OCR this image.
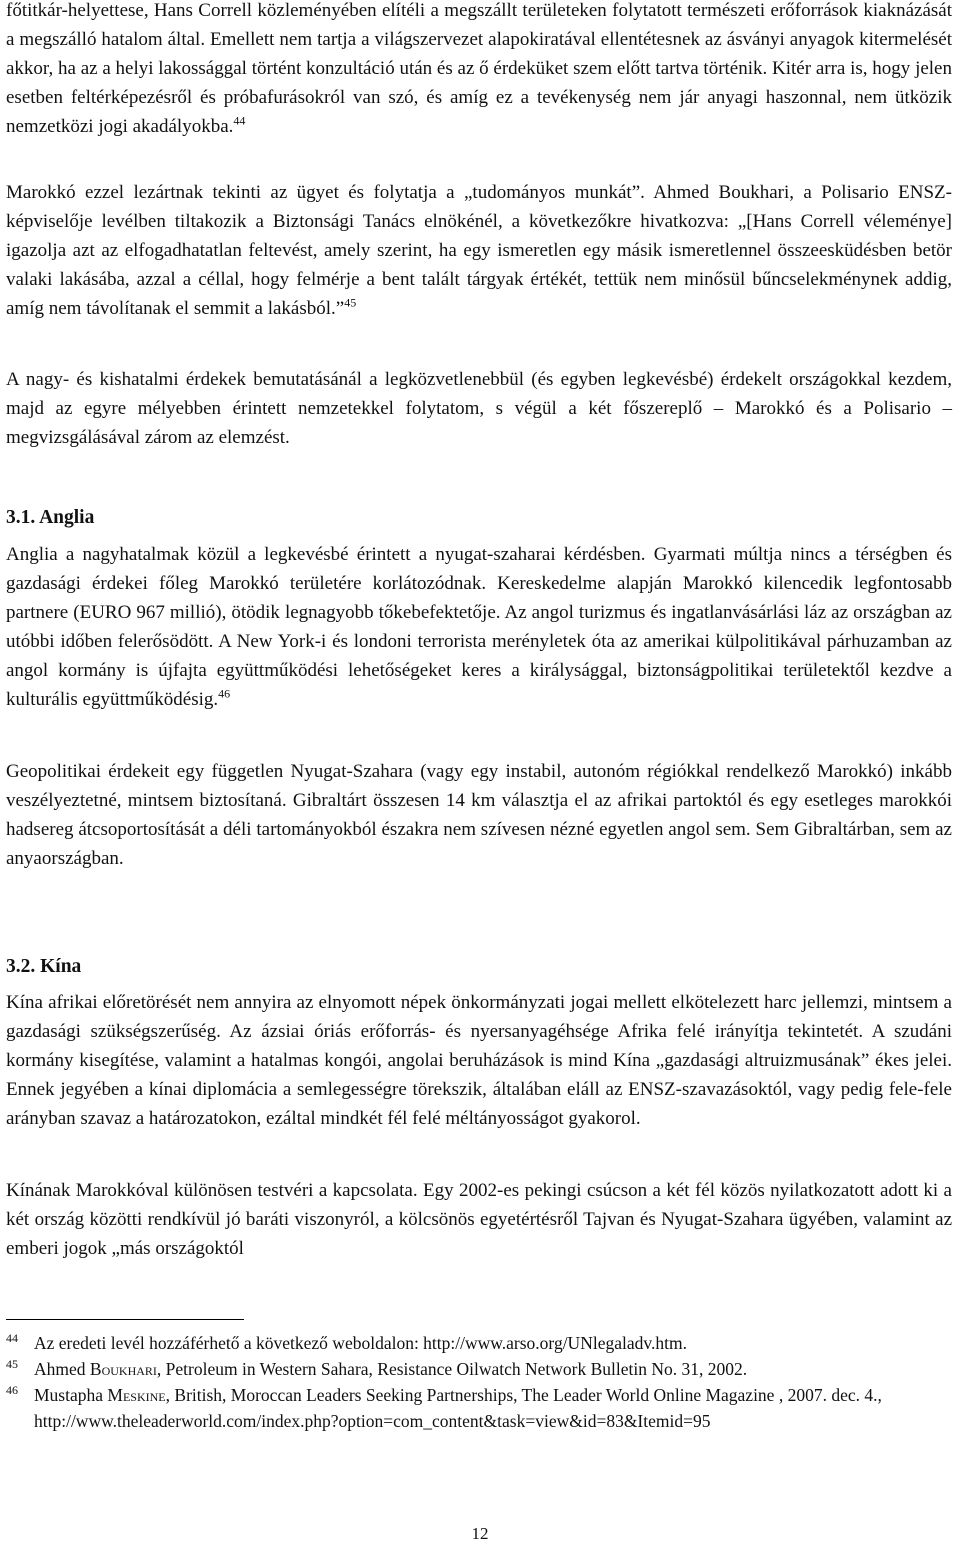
főtitkár-helyettese, Hans Correll közleményében elítéli a megszállt területeken folytatott természeti erőforrások kiaknázását a megszálló hatalom által. Emellett nem tartja a világszervezet alapokiratával ellentétesnek az ásványi anyagok kitermelését akkor, ha az a helyi lakossággal történt konzultáció után és az ő érdeküket szem előtt tartva történik. Kitér arra is, hogy jelen esetben feltérképezésről és próbafurásokról van szó, és amíg ez a tevékenység nem jár anyagi haszonnal, nem ütközik nemzetközi jogi akadályokba.$^{44}$

Marokkó ezzel lezártnak tekinti az ügyet és folytatja a „tudományos munkát”. Ahmed Boukhari, a Polisario ENSZ-képviselője levélben tiltakozik a Biztonsági Tanács elnökénél, a következőkre hivatkozva: „[Hans Correll véleménye] igazolja azt az elfogadhatatlan feltevést, amely szerint, ha egy ismeretlen egy másik ismeretlennel összeesküdésben betör valaki lakásába, azzal a céllal, hogy felmérje a bent talált tárgyak értékét, tettük nem minősül bűncselekménynek addig, amíg nem távolítanak el semmit a lakásból.”$^{45}$

A nagy- és kishatalmi érdekek bemutatásánál a legközvetlenebbül (és egyben legkevésbé) érdekelt országokkal kezdem, majd az egyre mélyebben érintett nemzetekkel folytatom, s végül a két főszereplő ‒ Marokkó és a Polisario ‒ megvizsgálásával zárom az elemzést.

3.1. Anglia

Anglia a nagyhatalmak közül a legkevésbé érintett a nyugat-szaharai kérdésben. Gyarmati múltja nincs a térségben és gazdasági érdekei főleg Marokkó területére korlátozódnak. Kereskedelme alapján Marokkó kilencedik legfontosabb partnere (EURO 967 millió), ötödik legnagyobb tőkebefektetője. Az angol turizmus és ingatlanvásárlási láz az országban az utóbbi időben felerősödött. A New York-i és londoni terrorista merényletek óta az amerikai külpolitikával párhuzamban az angol kormány is újfajta együttműködési lehetőségeket keres a királysággal, biztonságpolitikai területektől kezdve a kulturális együttműködésig.$^{46}$

Geopolitikai érdekeit egy független Nyugat-Szahara (vagy egy instabil, autonóm régiókkal rendelkező Marokkó) inkább veszélyeztetné, mintsem biztosítaná. Gibraltárt összesen 14 km választja el az afrikai partoktól és egy esetleges marokkói hadsereg átcsoportosítását a déli tartományokból északra nem szívesen nézné egyetlen angol sem. Sem Gibraltárban, sem az anyaországban.

3.2. Kína

Kína afrikai előretörését nem annyira az elnyomott népek önkormányzati jogai mellett elkötelezett harc jellemzi, mintsem a gazdasági szükségszerűség. Az ázsiai óriás erőforrás- és nyersanyagéhsége Afrika felé irányítja tekintetét. A szudáni kormány kisegítése, valamint a hatalmas kongói, angolai beruházások is mind Kína „gazdasági altruizmusának” ékes jelei. Ennek jegyében a kínai diplomácia a semlegességre törekszik, általában eláll az ENSZ-szavazásoktól, vagy pedig fele-fele arányban szavaz a határozatokon, ezáltal mindkét fél felé méltányosságot gyakorol.

Kínának Marokkóval különösen testvéri a kapcsolata. Egy 2002-es pekingi csúcson a két fél közös nyilatkozatott adott ki a két ország közötti rendkívül jó baráti viszonyról, a kölcsönös egyetértésről Tajvan és Nyugat-Szahara ügyében, valamint az emberi jogok „más országoktól

44 Az eredeti levél hozzáférhető a következő weboldalon: http://www.arso.org/UNlegaladv.htm.

45 Ahmed Boukhari, Petroleum in Western Sahara, Resistance Oilwatch Network Bulletin No. 31, 2002.

46 Mustapha Meskine, British, Moroccan Leaders Seeking Partnerships, The Leader World Online Magazine , 2007. dec. 4.,
http://www.theleaderworld.com/index.php?option=com_content&task=view&id=83&Itemid=95

12
